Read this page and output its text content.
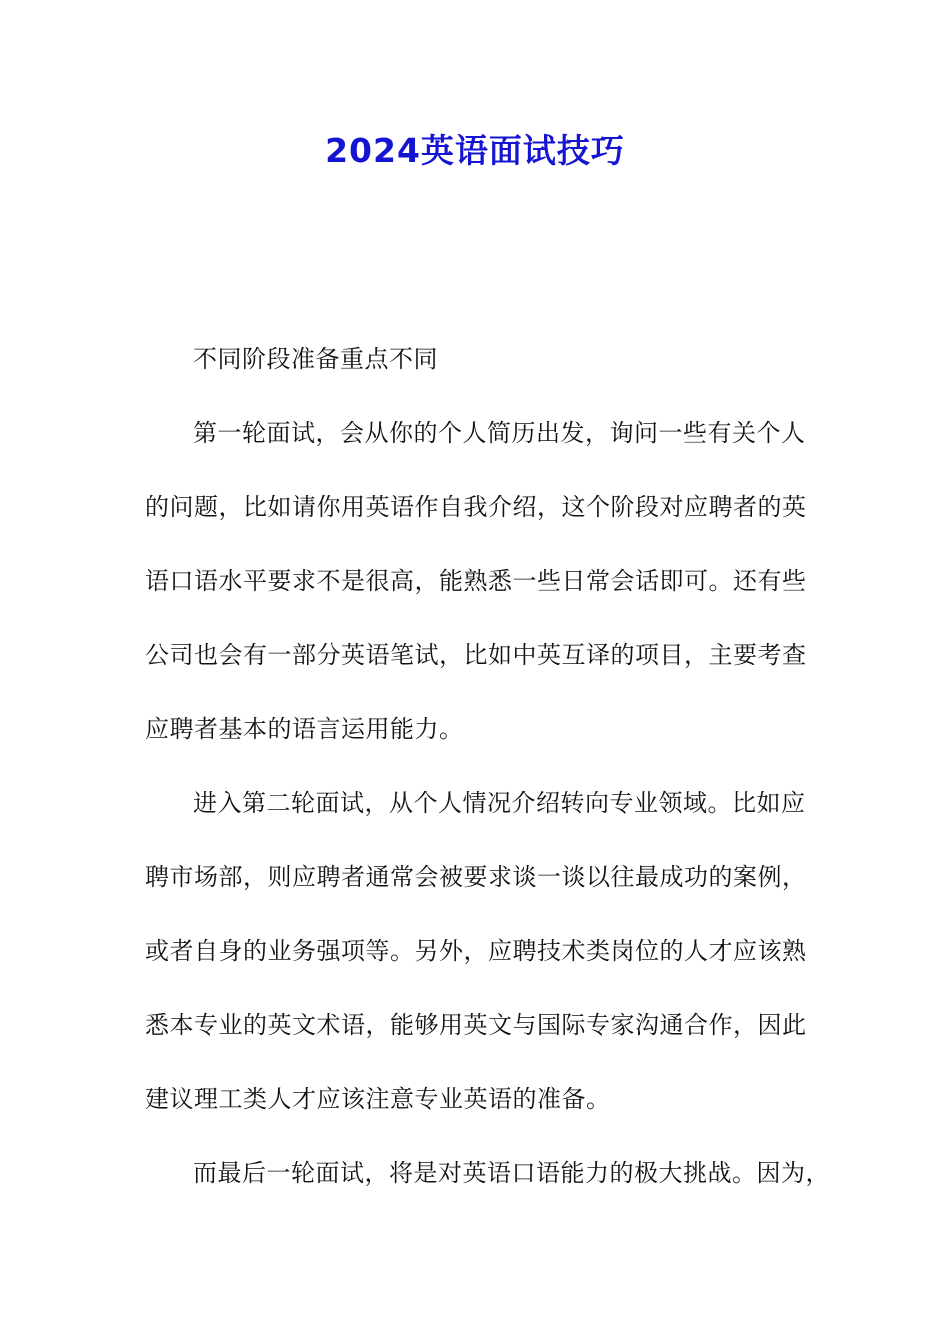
2024英语面试技巧
不同阶段准备重点不同
第一轮面试，会从你的个人简历出发，询问一些有关个人
的问题，比如请你用英语作自我介绍，这个阶段对应聘者的英
语口语水平要求不是很高，能熟悉一些日常会话即可。还有些
公司也会有一部分英语笔试，比如中英互译的项目，主要考查
应聘者基本的语言运用能力。
进入第二轮面试，从个人情况介绍转向专业领域。比如应
聘市场部，则应聘者通常会被要求谈一谈以往最成功的案例，
或者自身的业务强项等。另外，应聘技术类岗位的人才应该熟
悉本专业的英文术语，能够用英文与国际专家沟通合作，因此
建议理工类人才应该注意专业英语的准备。
而最后一轮面试，将是对英语口语能力的极大挑战。因为，
